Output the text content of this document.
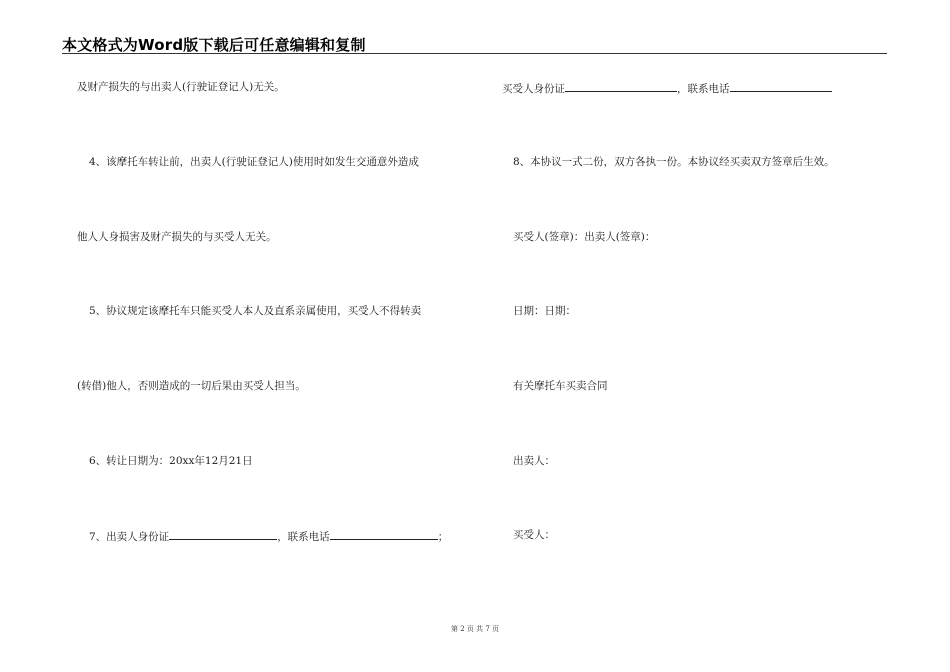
本文格式为Word版下载后可任意编辑和复制
及财产损失的与出卖人(行驶证登记人)无关。
4、该摩托车转让前，出卖人(行驶证登记人)使用时如发生交通意外造成
他人人身损害及财产损失的与买受人无关。
5、协议规定该摩托车只能买受人本人及直系亲属使用，买受人不得转卖
(转借)他人，否则造成的一切后果由买受人担当。
6、转让日期为：20xx年12月21日
7、出卖人身份证	，联系电话	；
买受人身份证	，联系电话
8、本协议一式二份，双方各执一份。本协议经买卖双方签章后生效。
买受人(签章)：出卖人(签章)：
日期：日期：
有关摩托车买卖合同
出卖人：
买受人：
第 2 页 共 7 页
